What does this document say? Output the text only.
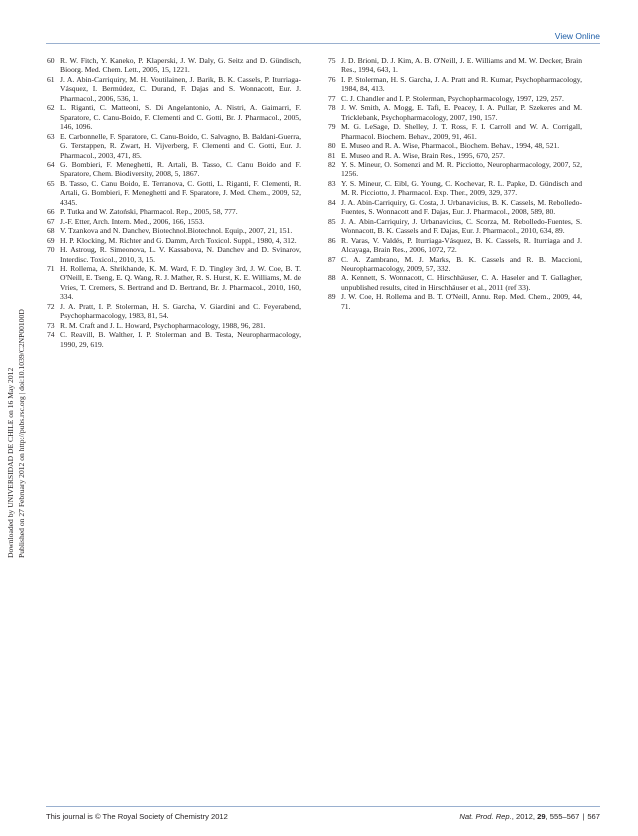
View Online
Downloaded by UNIVERSIDAD DE CHILE on 16 May 2012 Published on 27 February 2012 on http://pubs.rsc.org | doi:10.1039/C2NP00100D
60 R. W. Fitch, Y. Kaneko, P. Klaperski, J. W. Daly, G. Seitz and D. Gündisch, Bioorg. Med. Chem. Lett., 2005, 15, 1221.
61 J. A. Abin-Carriquiry, M. H. Voutilainen, J. Barik, B. K. Cassels, P. Iturriaga-Vásquez, I. Bermúdez, C. Durand, F. Dajas and S. Wonnacott, Eur. J. Pharmacol., 2006, 536, 1.
62 L. Riganti, C. Matteoni, S. Di Angelantonio, A. Nistri, A. Gaimarri, F. Sparatore, C. Canu-Boido, F. Clementi and C. Gotti, Br. J. Pharmacol., 2005, 146, 1096.
63 E. Carbonnelle, F. Sparatore, C. Canu-Boido, C. Salvagno, B. Baldani-Guerra, G. Terstappen, R. Zwart, H. Vijverberg, F. Clementi and C. Gotti, Eur. J. Pharmacol., 2003, 471, 85.
64 G. Bombieri, F. Meneghetti, R. Artali, B. Tasso, C. Canu Boido and F. Sparatore, Chem. Biodiversity, 2008, 5, 1867.
65 B. Tasso, C. Canu Boido, E. Terranova, C. Gotti, L. Riganti, F. Clementi, R. Artali, G. Bombieri, F. Meneghetti and F. Sparatore, J. Med. Chem., 2009, 52, 4345.
66 P. Tutka and W. Zatoński, Pharmacol. Rep., 2005, 58, 777.
67 J.-F. Etter, Arch. Intern. Med., 2006, 166, 1553.
68 V. Tzankova and N. Danchev, Biotechnol.Biotechnol. Equip., 2007, 21, 151.
69 H. P. Klocking, M. Richter and G. Damm, Arch Toxicol. Suppl., 1980, 4, 312.
70 H. Astroug, R. Simeonova, L. V. Kassabova, N. Danchev and D. Svinarov, Interdisc. Toxicol., 2010, 3, 15.
71 H. Rollema, A. Shrikhande, K. M. Ward, F. D. Tingley 3rd, J. W. Coe, B. T. O'Neill, E. Tseng, E. Q. Wang, R. J. Mather, R. S. Hurst, K. E. Williams, M. de Vries, T. Cremers, S. Bertrand and D. Bertrand, Br. J. Pharmacol., 2010, 160, 334.
72 J. A. Pratt, I. P. Stolerman, H. S. Garcha, V. Giardini and C. Feyerabend, Psychopharmacology, 1983, 81, 54.
73 R. M. Craft and J. L. Howard, Psychopharmacology, 1988, 96, 281.
74 C. Reavill, B. Walther, I. P. Stolerman and B. Testa, Neuropharmacology, 1990, 29, 619.
75 J. D. Brioni, D. J. Kim, A. B. O'Neill, J. E. Williams and M. W. Decker, Brain Res., 1994, 643, 1.
76 I. P. Stolerman, H. S. Garcha, J. A. Pratt and R. Kumar, Psychopharmacology, 1984, 84, 413.
77 C. J. Chandler and I. P. Stolerman, Psychopharmacology, 1997, 129, 257.
78 J. W. Smith, A. Mogg, E. Tafi, E. Peacey, I. A. Pullar, P. Szekeres and M. Tricklebank, Psychopharmacology, 2007, 190, 157.
79 M. G. LeSage, D. Shelley, J. T. Ross, F. I. Carroll and W. A. Corrigall, Pharmacol. Biochem. Behav., 2009, 91, 461.
80 E. Museo and R. A. Wise, Pharmacol., Biochem. Behav., 1994, 48, 521.
81 E. Museo and R. A. Wise, Brain Res., 1995, 670, 257.
82 Y. S. Mineur, O. Somenzi and M. R. Picciotto, Neuropharmacology, 2007, 52, 1256.
83 Y. S. Mineur, C. Eibl, G. Young, C. Kochevar, R. L. Papke, D. Gündisch and M. R. Picciotto, J. Pharmacol. Exp. Ther., 2009, 329, 377.
84 J. A. Abin-Carriquiry, G. Costa, J. Urbanavicius, B. K. Cassels, M. Rebolledo-Fuentes, S. Wonnacott and F. Dajas, Eur. J. Pharmacol., 2008, 589, 80.
85 J. A. Abin-Carriquiry, J. Urbanavicius, C. Scorza, M. Rebolledo-Fuentes, S. Wonnacott, B. K. Cassels and F. Dajas, Eur. J. Pharmacol., 2010, 634, 89.
86 R. Varas, V. Valdés, P. Iturriaga-Vásquez, B. K. Cassels, R. Iturriaga and J. Alcayaga, Brain Res., 2006, 1072, 72.
87 C. A. Zambrano, M. J. Marks, B. K. Cassels and R. B. Maccioni, Neuropharmacology, 2009, 57, 332.
88 A. Kennett, S. Wonnacott, C. Hirschhäuser, C. A. Haseler and T. Gallagher, unpublished results, cited in Hirschhäuser et al., 2011 (ref 33).
89 J. W. Coe, H. Rollema and B. T. O'Neill, Annu. Rep. Med. Chem., 2009, 44, 71.
This journal is © The Royal Society of Chemistry 2012	Nat. Prod. Rep., 2012, 29, 555–567 | 567
